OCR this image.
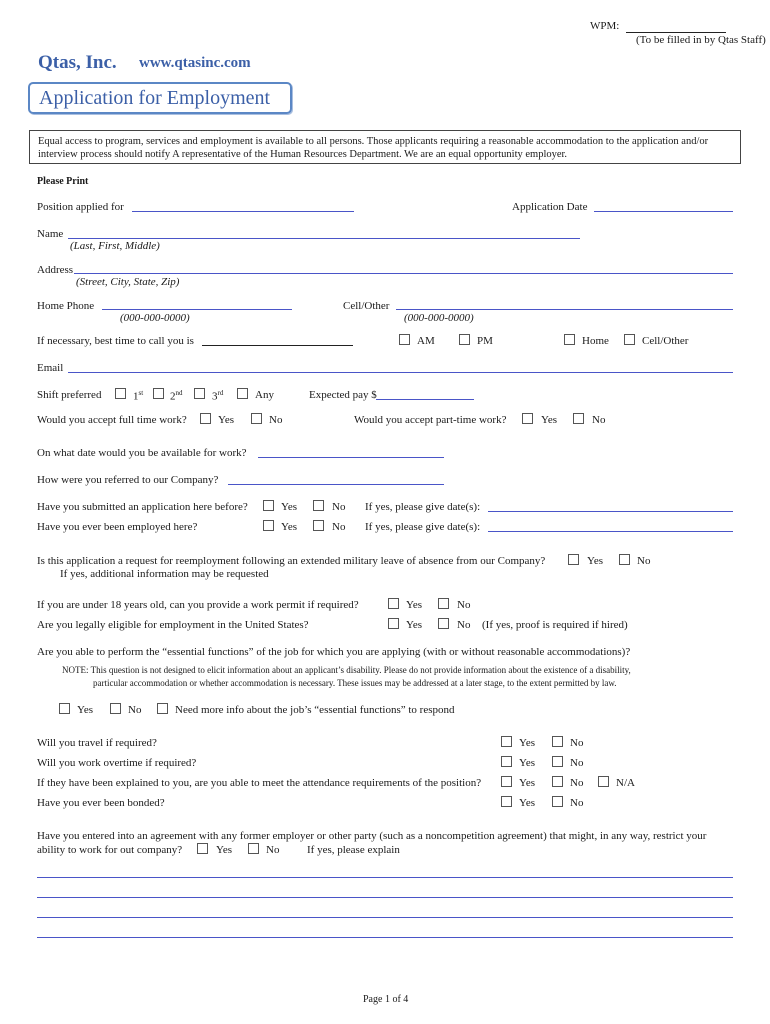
WPM:
(To be filled in by Qtas Staff)
Qtas, Inc. www.qtasinc.com
Application for Employment
Equal access to program, services and employment is available to all persons. Those applicants requiring a reasonable accommodation to the application and/or interview process should notify A representative of the Human Resources Department. We are an equal opportunity employer.
Please Print
Position applied for	Application Date
Name
(Last, First, Middle)
Address
(Street, City, State, Zip)
Home Phone
(000-000-0000)
Cell/Other
(000-000-0000)
If necessary, best time to call you is	AM	PM	Home	Cell/Other
Email
Shift preferred	1st 2nd	3rd	Any	Expected pay $
Would you accept full time work?	Yes	No	Would you accept part-time work?	Yes	No
On what date would you be available for work?
How were you referred to our Company?
Have you submitted an application here before?	Yes	No If yes, please give date(s):
Have you ever been employed here?	Yes	No If yes, please give date(s):
Is this application a request for reemployment following an extended military leave of absence from our Company?	Yes	No
If yes, additional information may be requested
If you are under 18 years old, can you provide a work permit if required?	Yes	No
Are you legally eligible for employment in the United States?	Yes	No (If yes, proof is required if hired)
Are you able to perform the “essential functions” of the job for which you are applying (with or without reasonable accommodations)?
NOTE: This question is not designed to elicit information about an applicant’s disability. Please do not provide information about the existence of a disability,
particular accommodation or whether accommodation is necessary. These issues may be addressed at a later stage, to the extent permitted by law.
Yes	No	Need more info about the job’s “essential functions” to respond
Will you travel if required?	Yes	No
Will you work overtime if required?	Yes	No
If they have been explained to you, are you able to meet the attendance requirements of the position?	Yes	No	N/A
Have you ever been bonded?	Yes	No
Have you entered into an agreement with any former employer or other party (such as a noncompetition agreement) that might, in any way, restrict your
ability to work for out company?	Yes	No	If yes, please explain
Page 1 of 4
